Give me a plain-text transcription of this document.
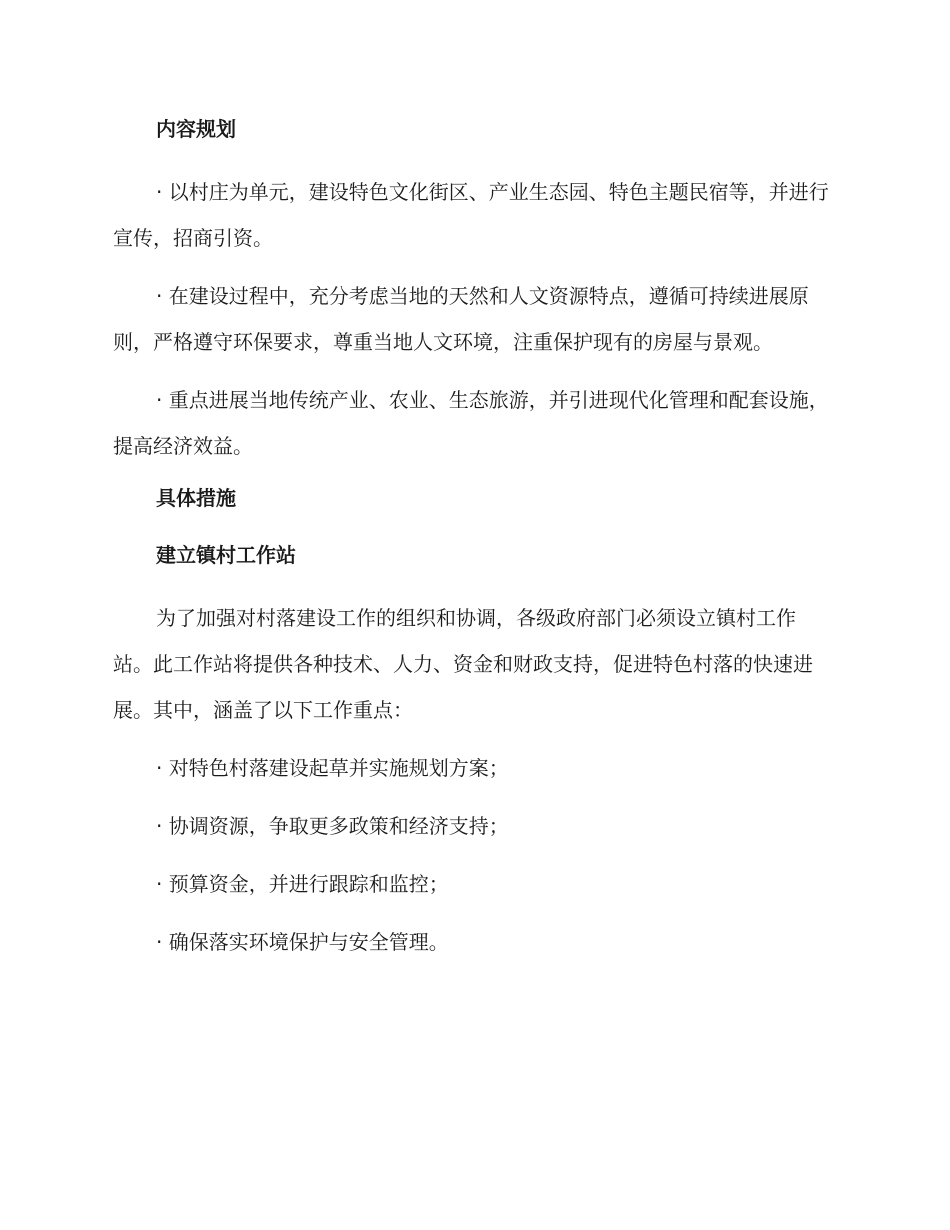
内容规划
· 以村庄为单元，建设特色文化街区、产业生态园、特色主题民宿等，并进行宣传，招商引资。
· 在建设过程中，充分考虑当地的天然和人文资源特点，遵循可持续进展原则，严格遵守环保要求，尊重当地人文环境，注重保护现有的房屋与景观。
· 重点进展当地传统产业、农业、生态旅游，并引进现代化管理和配套设施，提高经济效益。
具体措施
建立镇村工作站
为了加强对村落建设工作的组织和协调，各级政府部门必须设立镇村工作站。此工作站将提供各种技术、人力、资金和财政支持，促进特色村落的快速进展。其中，涵盖了以下工作重点：
· 对特色村落建设起草并实施规划方案；
· 协调资源，争取更多政策和经济支持；
· 预算资金，并进行跟踪和监控；
· 确保落实环境保护与安全管理。
